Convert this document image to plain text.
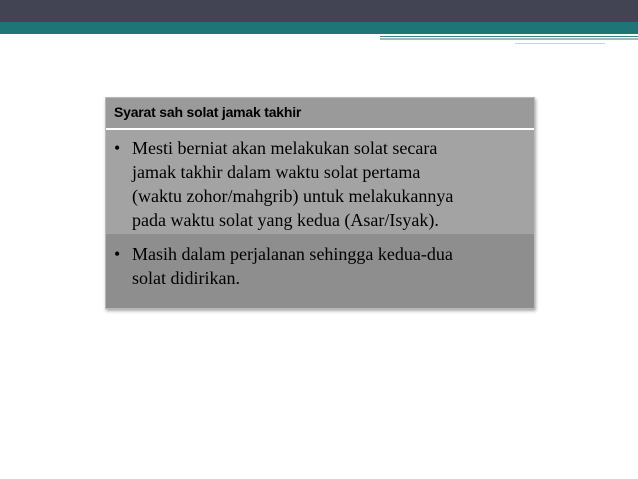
Syarat sah solat jamak takhir
• Mesti berniat akan melakukan solat secara
jamak takhir dalam waktu solat pertama
(waktu zohor/mahgrib) untuk melakukannya
pada waktu solat yang kedua (Asar/Isyak).
• Masih dalam perjalanan sehingga kedua-dua
solat didirikan.
